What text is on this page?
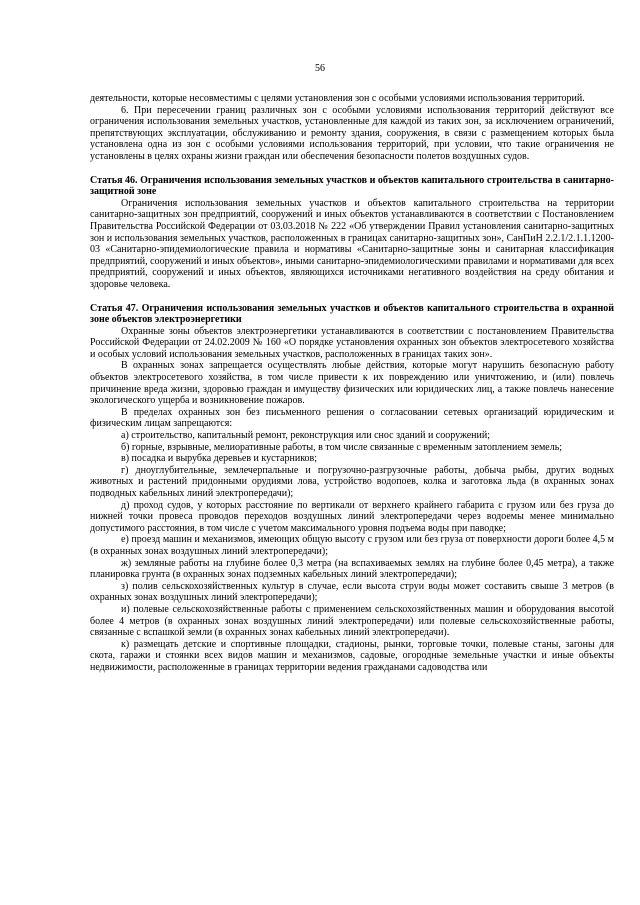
56

деятельности, которые несовместимы с целями установления зон с особыми условиями использования территорий.

6. При пересечении границ различных зон с особыми условиями использования территорий действуют все ограничения использования земельных участков, установленные для каждой из таких зон, за исключением ограничений, препятствующих эксплуатации, обслуживанию и ремонту здания, сооружения, в связи с размещением которых была установлена одна из зон с особыми условиями использования территорий, при условии, что такие ограничения не установлены в целях охраны жизни граждан или обеспечения безопасности полетов воздушных судов.

Статья 46. Ограничения использования земельных участков и объектов капитального строительства в санитарно-защитной зоне

Ограничения использования земельных участков и объектов капитального строительства на территории санитарно-защитных зон предприятий, сооружений и иных объектов устанавливаются в соответствии с Постановлением Правительства Российской Федерации от 03.03.2018 № 222 «Об утверждении Правил установления санитарно-защитных зон и использования земельных участков, расположенных в границах санитарно-защитных зон», СанПиН 2.2.1/2.1.1.1200-03 «Санитарно-эпидемиологические правила и нормативы «Санитарно-защитные зоны и санитарная классификация предприятий, сооружений и иных объектов», иными санитарно-эпидемиологическими правилами и нормативами для всех предприятий, сооружений и иных объектов, являющихся источниками негативного воздействия на среду обитания и здоровье человека.

Статья 47. Ограничения использования земельных участков и объектов капитального строительства в охранной зоне объектов электроэнергетики

Охранные зоны объектов электроэнергетики устанавливаются в соответствии с постановлением Правительства Российской Федерации от 24.02.2009 № 160 «О порядке установления охранных зон объектов электросетевого хозяйства и особых условий использования земельных участков, расположенных в границах таких зон».

В охранных зонах запрещается осуществлять любые действия, которые могут нарушить безопасную работу объектов электросетевого хозяйства, в том числе привести к их повреждению или уничтожению, и (или) повлечь причинение вреда жизни, здоровью граждан и имуществу физических или юридических лиц, а также повлечь нанесение экологического ущерба и возникновение пожаров.

В пределах охранных зон без письменного решения о согласовании сетевых организаций юридическим и физическим лицам запрещаются:

а) строительство, капитальный ремонт, реконструкция или снос зданий и сооружений;

б) горные, взрывные, мелиоративные работы, в том числе связанные с временным затоплением земель;

в) посадка и вырубка деревьев и кустарников;

г) дноуглубительные, землечерпальные и погрузочно-разгрузочные работы, добыча рыбы, других водных животных и растений придонными орудиями лова, устройство водопоев, колка и заготовка льда (в охранных зонах подводных кабельных линий электропередачи);

д) проход судов, у которых расстояние по вертикали от верхнего крайнего габарита с грузом или без груза до нижней точки провеса проводов переходов воздушных линий электропередачи через водоемы менее минимально допустимого расстояния, в том числе с учетом максимального уровня подъема воды при паводке;

е) проезд машин и механизмов, имеющих общую высоту с грузом или без груза от поверхности дороги более 4,5 м (в охранных зонах воздушных линий электропередачи);

ж) земляные работы на глубине более 0,3 метра (на вспахиваемых землях на глубине более 0,45 метра), а также планировка грунта (в охранных зонах подземных кабельных линий электропередачи);

з) полив сельскохозяйственных культур в случае, если высота струи воды может составить свыше 3 метров (в охранных зонах воздушных линий электропередачи);

и) полевые сельскохозяйственные работы с применением сельскохозяйственных машин и оборудования высотой более 4 метров (в охранных зонах воздушных линий электропередачи) или полевые сельскохозяйственные работы, связанные с вспашкой земли (в охранных зонах кабельных линий электропередачи).

к) размещать детские и спортивные площадки, стадионы, рынки, торговые точки, полевые станы, загоны для скота, гаражи и стоянки всех видов машин и механизмов, садовые, огородные земельные участки и иные объекты недвижимости, расположенные в границах территории ведения гражданами садоводства или
